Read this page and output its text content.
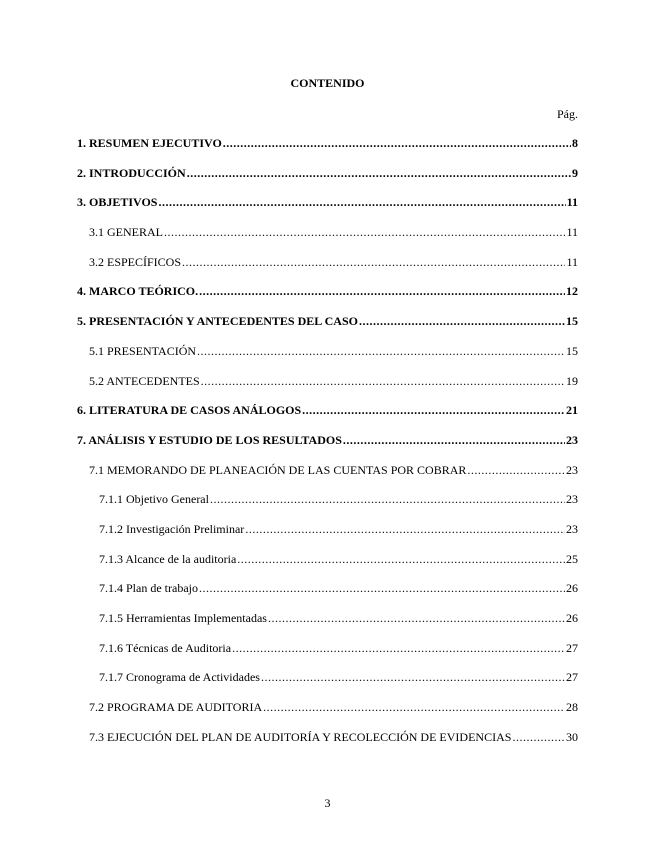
CONTENIDO
Pág.
1. RESUMEN EJECUTIVO .....	8
2. INTRODUCCIÓN .....	9
3. OBJETIVOS .....	11
3.1 GENERAL .....	11
3.2 ESPECÍFICOS .....	11
4. MARCO TEÓRICO. .....	12
5. PRESENTACIÓN Y ANTECEDENTES DEL CASO .....	15
5.1 PRESENTACIÓN .....	15
5.2 ANTECEDENTES .....	19
6. LITERATURA DE CASOS ANÁLOGOS .....	21
7. ANÁLISIS Y ESTUDIO DE LOS RESULTADOS .....	23
7.1 MEMORANDO DE PLANEACIÓN DE LAS CUENTAS POR COBRAR .....	23
7.1.1 Objetivo General .....	23
7.1.2 Investigación Preliminar .....	23
7.1.3 Alcance de la auditoria .....	25
7.1.4 Plan de trabajo .....	26
7.1.5 Herramientas Implementadas .....	26
7.1.6 Técnicas de Auditoria .....	27
7.1.7 Cronograma de Actividades .....	27
7.2 PROGRAMA DE AUDITORIA .....	28
7.3 EJECUCIÓN DEL PLAN DE AUDITORÍA Y RECOLECCIÓN DE EVIDENCIAS .....	30
3
